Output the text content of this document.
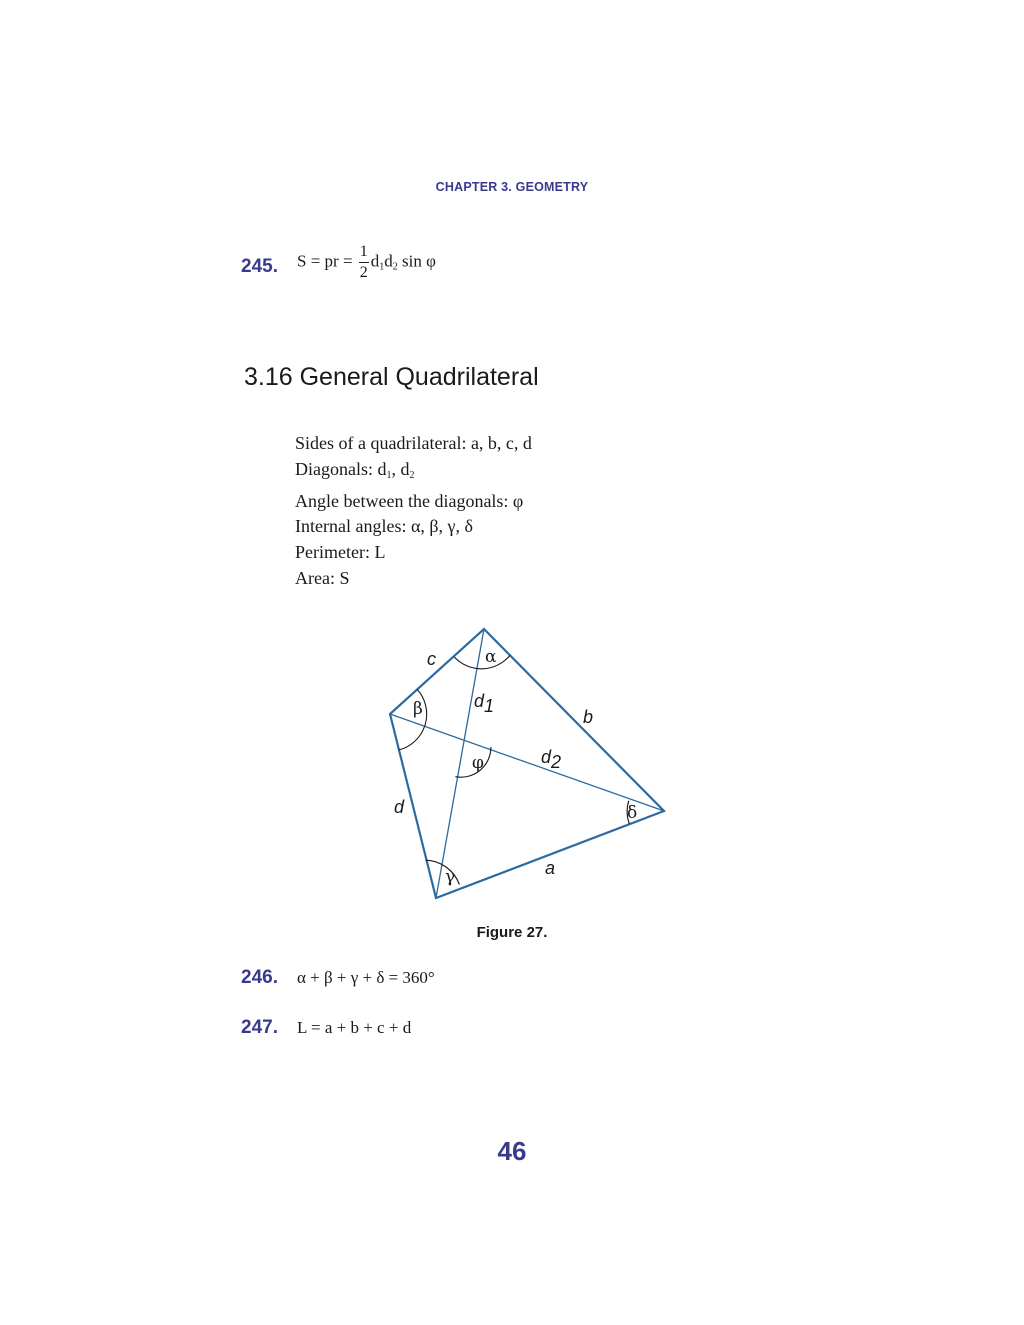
CHAPTER 3. GEOMETRY
245. S = pr = $\frac{1}{2} d_1d_2$ sin φ
3.16 General Quadrilateral
Sides of a quadrilateral: a, b, c, d
Diagonals: $d_1$, $d_2$
Angle between the diagonals: φ
Internal angles: α, β, γ, δ
Perimeter: L
Area: S
c
b
d
a
d1
d2
α
β
γ
δ
φ
Figure 27.
246. α + β + γ + δ = 360°
247. L = a + b + c + d
46
